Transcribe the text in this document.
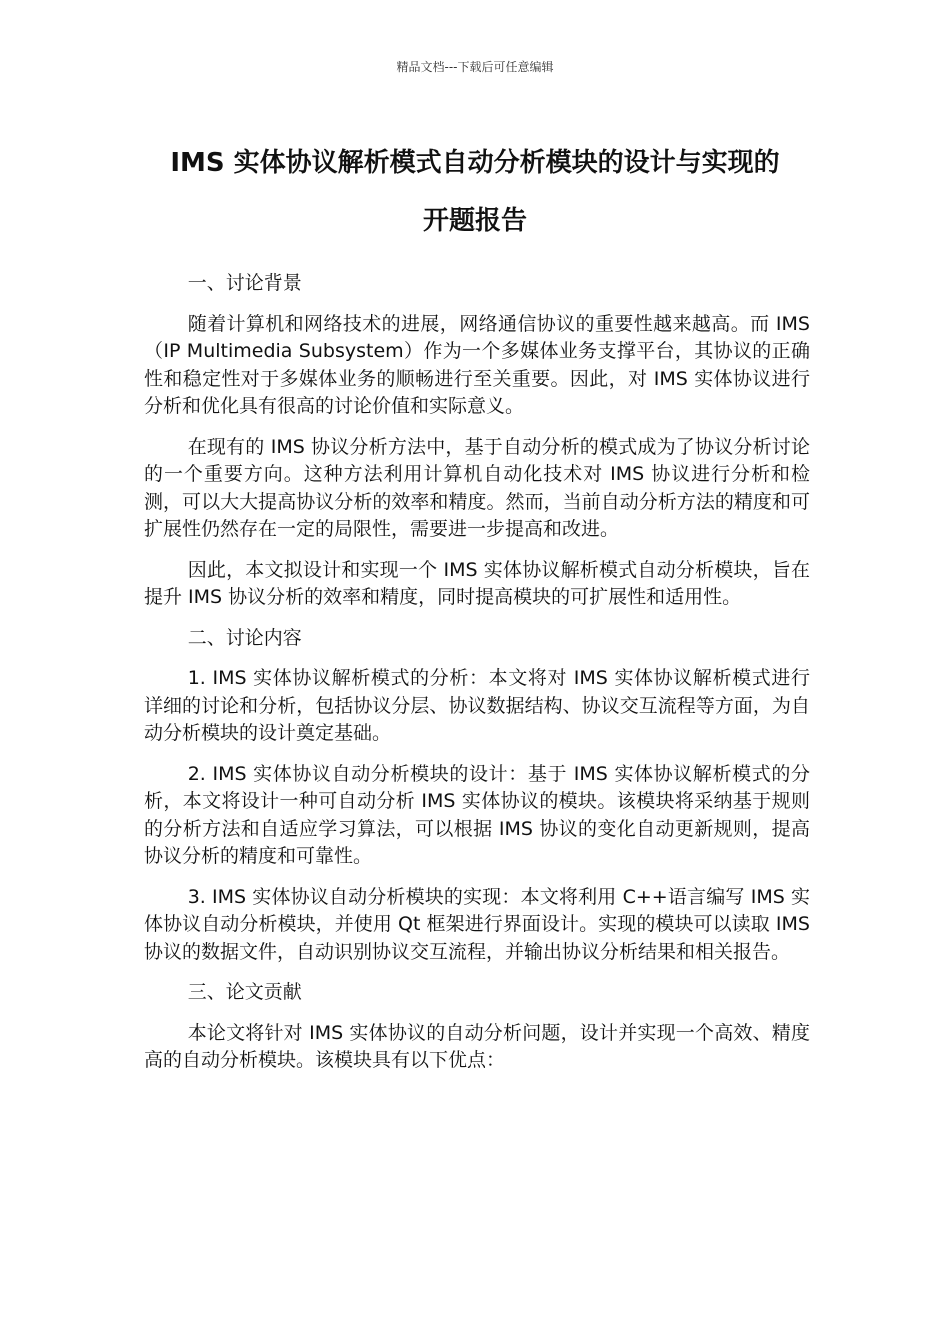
精品文档---下载后可任意编辑
IMS 实体协议解析模式自动分析模块的设计与实现的
开题报告

一、讨论背景

随着计算机和网络技术的进展，网络通信协议的重要性越来越高。而 IMS（IP Multimedia Subsystem）作为一个多媒体业务支撑平台，其协议的正确性和稳定性对于多媒体业务的顺畅进行至关重要。因此，对 IMS 实体协议进行分析和优化具有很高的讨论价值和实际意义。

在现有的 IMS 协议分析方法中，基于自动分析的模式成为了协议分析讨论的一个重要方向。这种方法利用计算机自动化技术对 IMS 协议进行分析和检测，可以大大提高协议分析的效率和精度。然而，当前自动分析方法的精度和可扩展性仍然存在一定的局限性，需要进一步提高和改进。

因此，本文拟设计和实现一个 IMS 实体协议解析模式自动分析模块，旨在提升 IMS 协议分析的效率和精度，同时提高模块的可扩展性和适用性。

二、讨论内容

1. IMS 实体协议解析模式的分析：本文将对 IMS 实体协议解析模式进行详细的讨论和分析，包括协议分层、协议数据结构、协议交互流程等方面，为自动分析模块的设计奠定基础。

2. IMS 实体协议自动分析模块的设计：基于 IMS 实体协议解析模式的分析，本文将设计一种可自动分析 IMS 实体协议的模块。该模块将采纳基于规则的分析方法和自适应学习算法，可以根据 IMS 协议的变化自动更新规则，提高协议分析的精度和可靠性。

3. IMS 实体协议自动分析模块的实现：本文将利用 C++语言编写 IMS 实体协议自动分析模块，并使用 Qt 框架进行界面设计。实现的模块可以读取 IMS 协议的数据文件，自动识别协议交互流程，并输出协议分析结果和相关报告。

三、论文贡献

本论文将针对 IMS 实体协议的自动分析问题，设计并实现一个高效、精度高的自动分析模块。该模块具有以下优点：
